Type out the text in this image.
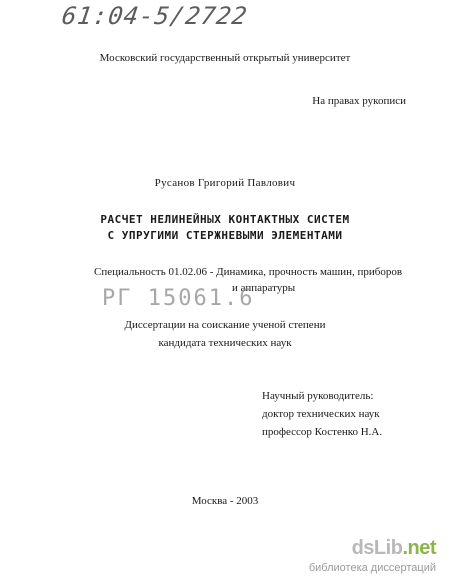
61:04-5/2722
Московский государственный открытый университет
На правах рукописи
Русанов Григорий Павлович
РАСЧЕТ НЕЛИНЕЙНЫХ КОНТАКТНЫХ СИСТЕМ
С УПРУГИМИ СТЕРЖНЕВЫМИ ЭЛЕМЕНТАМИ
Специальность 01.02.06 - Динамика, прочность машин, приборов
и аппаратуры
РГ 15061.6
Диссертации на соискание ученой степени
кандидата технических наук
Научный руководитель:
доктор технических наук
профессор Костенко Н.А.
Москва - 2003
dsLib.net
библиотека диссертаций
